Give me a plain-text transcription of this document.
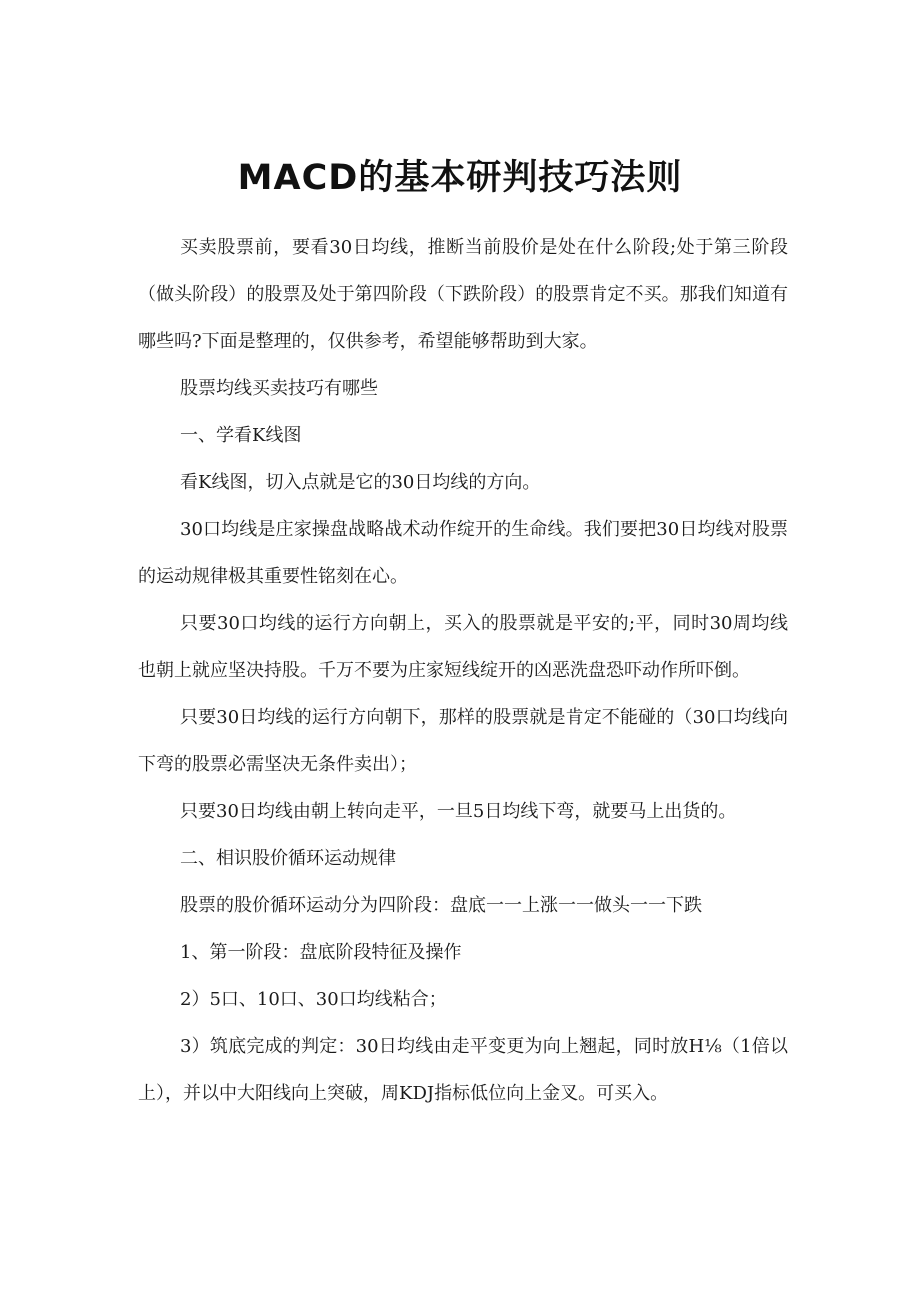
MACD的基本研判技巧法则

买卖股票前，要看30日均线，推断当前股价是处在什么阶段;处于第三阶段（做头阶段）的股票及处于第四阶段（下跌阶段）的股票肯定不买。那我们知道有哪些吗?下面是整理的，仅供参考，希望能够帮助到大家。

股票均线买卖技巧有哪些

一、学看K线图

看K线图，切入点就是它的30日均线的方向。

30口均线是庄家操盘战略战术动作绽开的生命线。我们要把30日均线对股票的运动规律极其重要性铭刻在心。

只要30口均线的运行方向朝上，买入的股票就是平安的;平，同时30周均线也朝上就应坚决持股。千万不要为庄家短线绽开的凶恶洗盘恐吓动作所吓倒。

只要30日均线的运行方向朝下，那样的股票就是肯定不能碰的（30口均线向下弯的股票必需坚决无条件卖出）；

只要30日均线由朝上转向走平，一旦5日均线下弯，就要马上出货的。

二、相识股价循环运动规律

股票的股价循环运动分为四阶段：盘底一一上涨一一做头一一下跌

1、第一阶段：盘底阶段特征及操作

2）5口、10口、30口均线粘合；

3）筑底完成的判定：30日均线由走平变更为向上翘起，同时放H⅛（1倍以上），并以中大阳线向上突破，周KDJ指标低位向上金叉。可买入。
